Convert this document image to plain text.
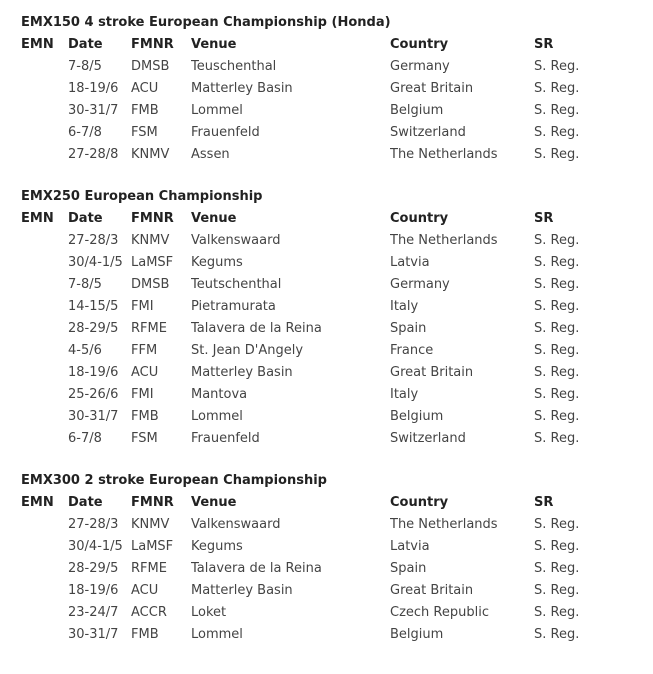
EMX150 4 stroke European Championship (Honda)
EMN	Date	FMNR	Venue	Country	SR
	7-8/5	DMSB	Teuschenthal	Germany	S. Reg.
	18-19/6	ACU	Matterley Basin	Great Britain	S. Reg.
	30-31/7	FMB	Lommel	Belgium	S. Reg.
	6-7/8	FSM	Frauenfeld	Switzerland	S. Reg.
	27-28/8	KNMV	Assen	The Netherlands	S. Reg.
EMX250 European Championship
EMN	Date	FMNR	Venue	Country	SR
	27-28/3	KNMV	Valkenswaard	The Netherlands	S. Reg.
	30/4-1/5	LaMSF	Kegums	Latvia	S. Reg.
	7-8/5	DMSB	Teutschenthal	Germany	S. Reg.
	14-15/5	FMI	Pietramurata	Italy	S. Reg.
	28-29/5	RFME	Talavera de la Reina	Spain	S. Reg.
	4-5/6	FFM	St. Jean D'Angely	France	S. Reg.
	18-19/6	ACU	Matterley Basin	Great Britain	S. Reg.
	25-26/6	FMI	Mantova	Italy	S. Reg.
	30-31/7	FMB	Lommel	Belgium	S. Reg.
	6-7/8	FSM	Frauenfeld	Switzerland	S. Reg.
EMX300 2 stroke European Championship
EMN	Date	FMNR	Venue	Country	SR
	27-28/3	KNMV	Valkenswaard	The Netherlands	S. Reg.
	30/4-1/5	LaMSF	Kegums	Latvia	S. Reg.
	28-29/5	RFME	Talavera de la Reina	Spain	S. Reg.
	18-19/6	ACU	Matterley Basin	Great Britain	S. Reg.
	23-24/7	ACCR	Loket	Czech Republic	S. Reg.
	30-31/7	FMB	Lommel	Belgium	S. Reg.
